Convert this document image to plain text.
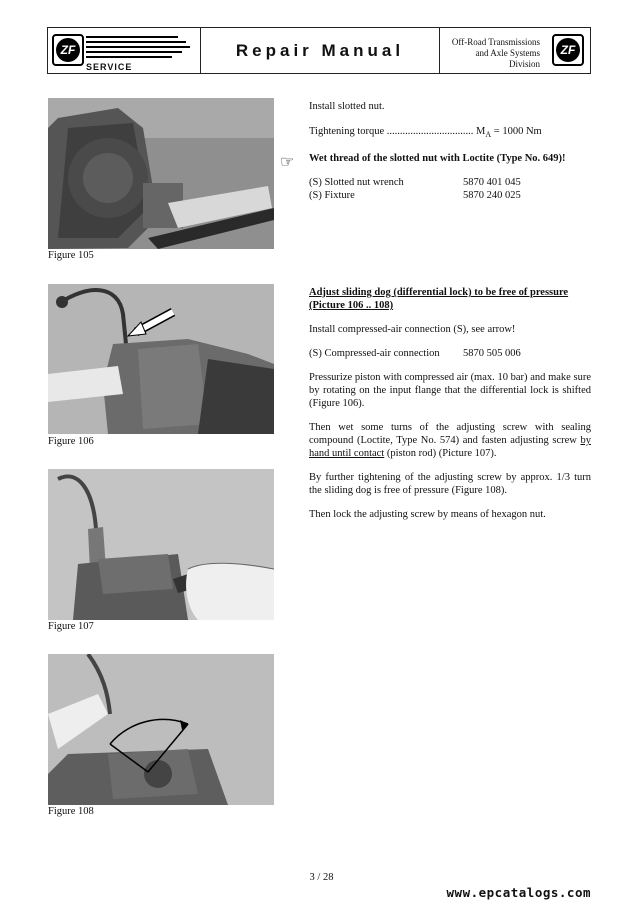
ZF
SERVICE
Repair Manual	Off-Road Transmissions
and Axle Systems
Division
ZF
Figure 105
Figure 106
Figure 107
Figure 108

Install slotted nut.

Tightening torque ................................. $M_A = 1000$ Nm

Wet thread of the slotted nut with Loctite (Type No. 649)!

(S) Slotted nut wrench	5870 401 045
(S) Fixture	5870 240 025
☞

Adjust sliding dog (differential lock) to be free of pressure
(Picture 106 .. 108)

Install compressed-air connection (S), see arrow!

(S) Compressed-air connection	5870 505 006

Pressurize piston with compressed air (max. 10 bar) and make sure by rotating on the input flange that the differential lock is shifted (Figure 106).

Then wet some turns of the adjusting screw with sealing compound (Loctite, Type No. 574) and fasten adjusting screw by hand until contact (piston rod) (Picture 107).

By further tightening of the adjusting screw by approx. 1/3 turn the sliding dog is free of pressure (Figure 108).

Then lock the adjusting screw by means of hexagon nut.

3 / 28
www.epcatalogs.com
